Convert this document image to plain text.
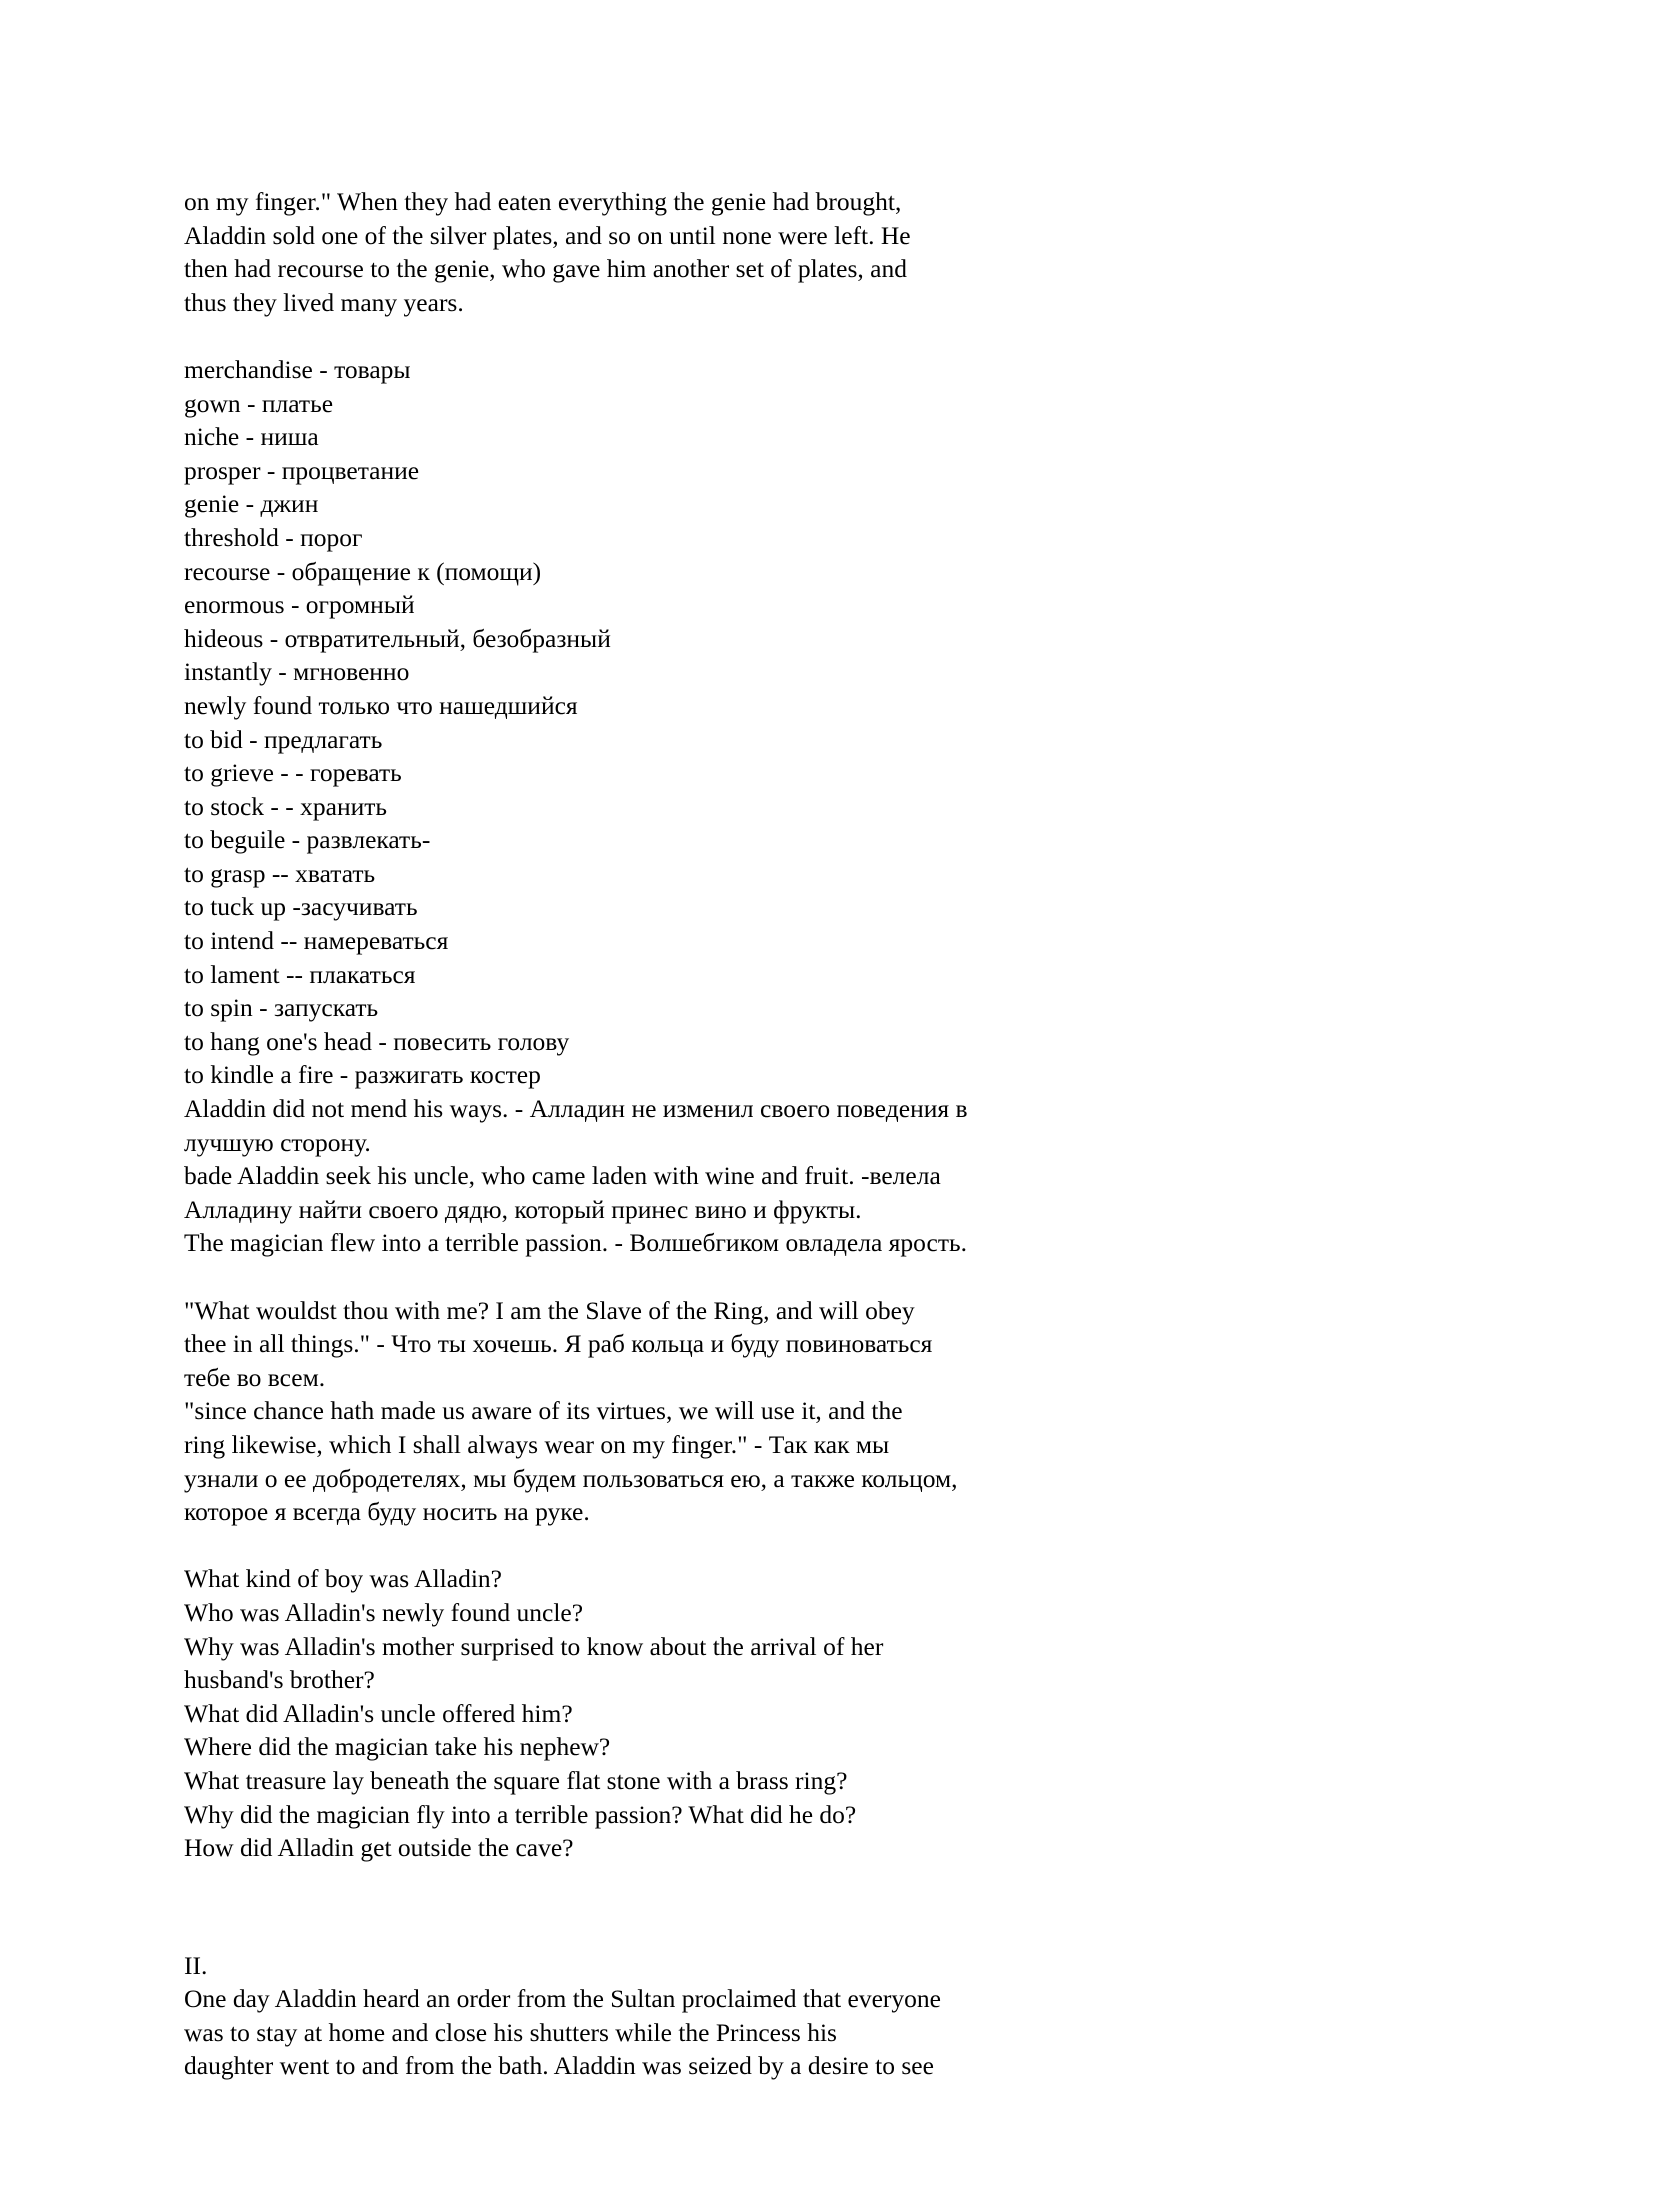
on my finger." When they had eaten everything the genie had brought,
Aladdin sold one of the silver plates, and so on until none were left. He
then had recourse to the genie, who gave him another set of plates, and
thus they lived many years.
merchandise - товары
gown - платье
niche - ниша
prosper - процветание
genie - джин
threshold - порог
recourse - обращение к (помощи)
enormous - огромный
hideous - отвратительный, безобразный
instantly - мгновенно
newly found только что нашедшийся
to bid - предлагать
to grieve - - горевать
to stock - - хранить
to beguile - развлекать-
to grasp -- хватать
to tuck up -засучивать
to intend -- намереваться
to lament -- плакаться
to spin - запускать
to hang one's head - повесить голову
to kindle a fire - разжигать костер
Aladdin did not mend his ways. - Алладин не изменил своего поведения в
лучшую сторону.
bade Aladdin seek his uncle, who came laden with wine and fruit. -велела
Алладину найти своего дядю, который принес вино и фрукты.
The magician flew into a terrible passion. - Волшебгиком овладела ярость.
"What wouldst thou with me? I am the Slave of the Ring, and will obey
thee in all things." - Что ты хочешь. Я раб кольца и буду повиноваться
тебе во всем.
"since chance hath made us aware of its virtues, we will use it, and the
ring likewise, which I shall always wear on my finger." - Так как мы
узнали о ее добродетелях, мы будем пользоваться ею, а также кольцом,
которое я всегда буду носить на руке.
What kind of boy was Alladin?
Who was Alladin's newly found uncle?
Why was Alladin's mother surprised to know about the arrival of her
husband's brother?
What did Alladin's uncle offered him?
Where did the magician take his nephew?
What treasure lay beneath the square flat stone with a brass ring?
Why did the magician fly into a terrible passion? What did he do?
How did Alladin get outside the cave?
II.
One day Aladdin heard an order from the Sultan proclaimed that everyone
was to stay at home and close his shutters while the Princess his
daughter went to and from the bath. Aladdin was seized by a desire to see
